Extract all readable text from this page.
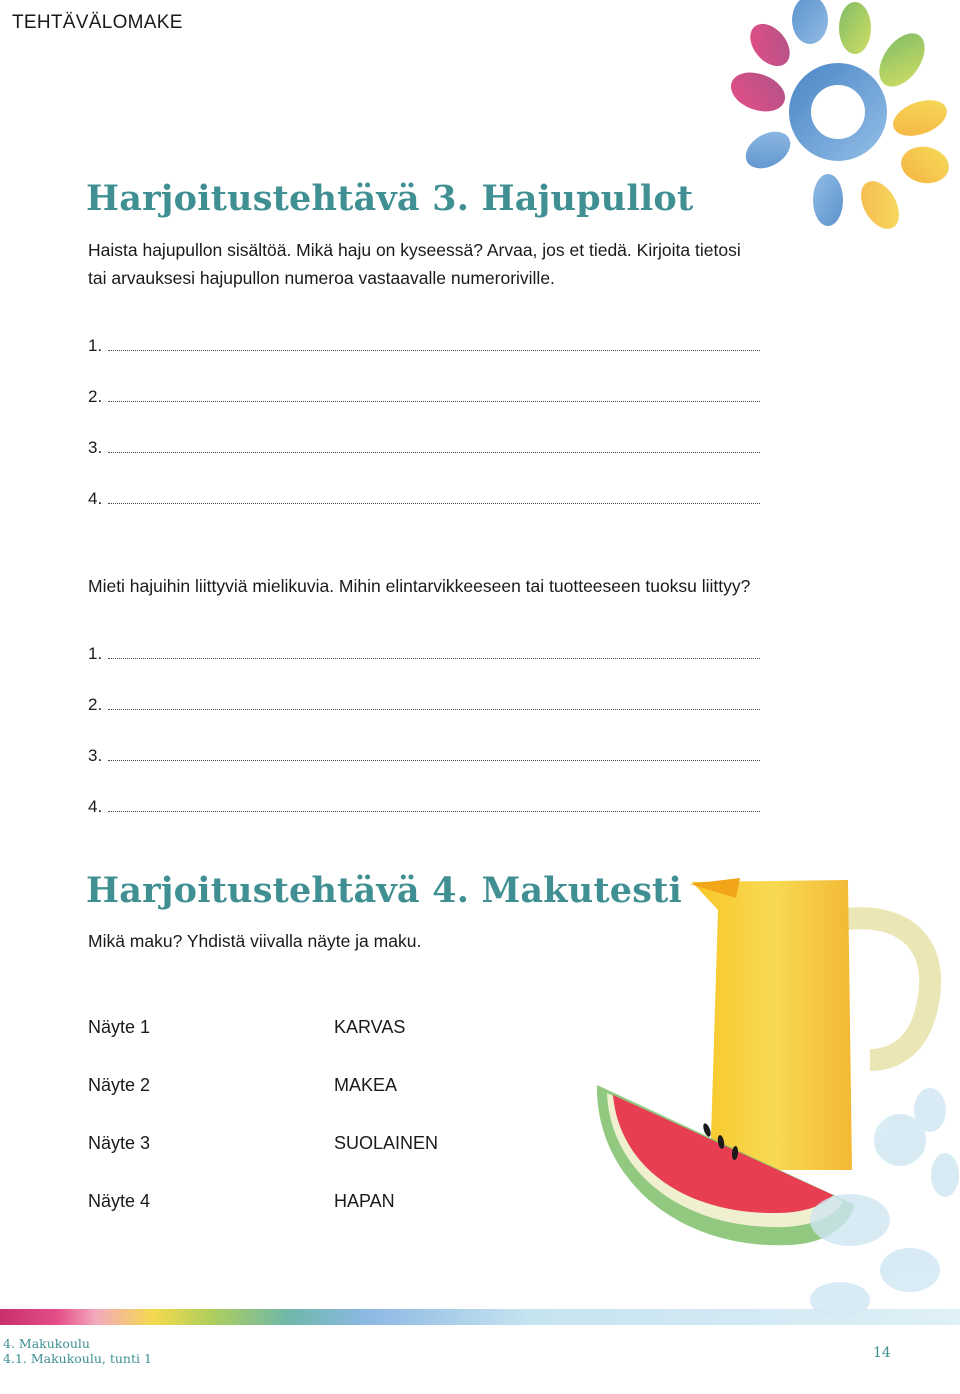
TEHTÄVÄLOMAKE
Harjoitustehtävä 3. Hajupullot
Haista hajupullon sisältöä. Mikä haju on kyseessä? Arvaa, jos et tiedä. Kirjoita tietosi
tai arvauksesi hajupullon numeroa vastaavalle numeroriville.
1.
2.
3.
4.
Mieti hajuihin liittyviä mielikuvia. Mihin elintarvikkeeseen tai tuotteeseen tuoksu liittyy?
1.
2.
3.
4.
Harjoitustehtävä 4. Makutesti
Mikä maku? Yhdistä viivalla näyte ja maku.
Näyte 1
Näyte 2
Näyte 3
Näyte 4
KARVAS
MAKEA
SUOLAINEN
HAPAN
4. Makukoulu
4.1. Makukoulu, tunti 1	14
